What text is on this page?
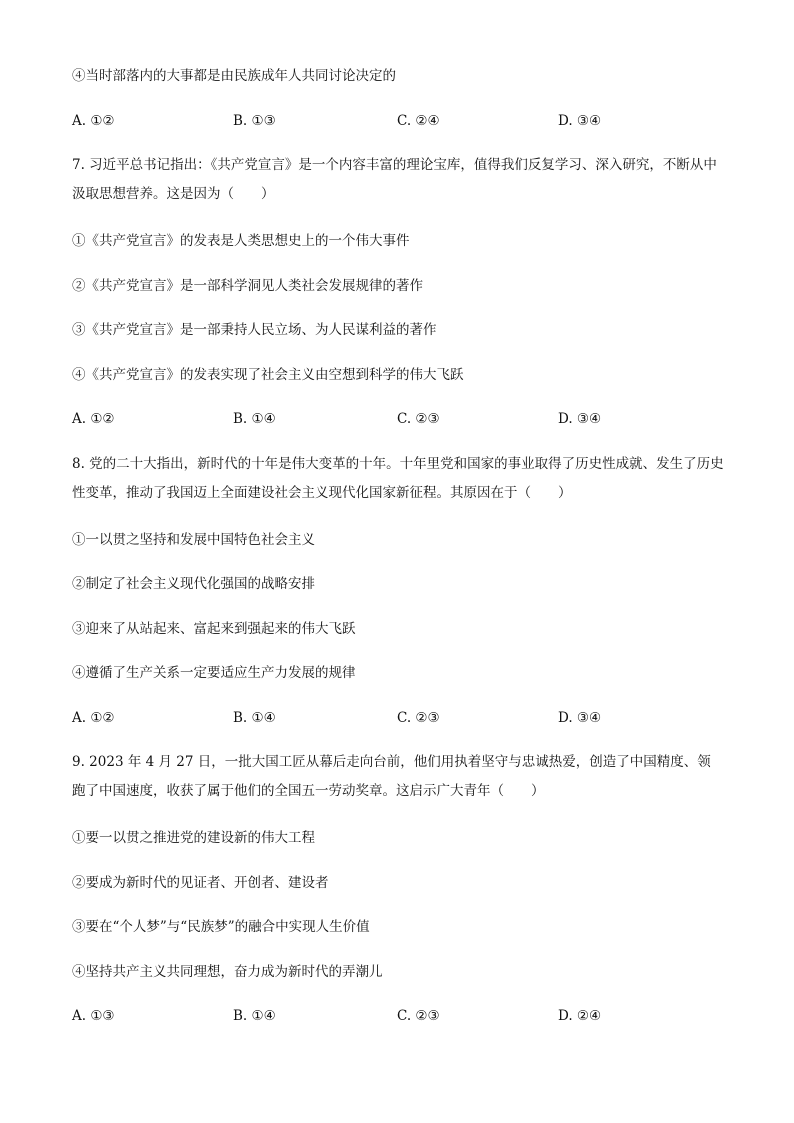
④当时部落内的大事都是由民族成年人共同讨论决定的
A. ①②	B. ①③	C. ②④	D. ③④
7. 习近平总书记指出：《共产党宣言》是一个内容丰富的理论宝库，值得我们反复学习、深入研究，不断从中汲取思想营养。这是因为（　　）
①《共产党宣言》的发表是人类思想史上的一个伟大事件
②《共产党宣言》是一部科学洞见人类社会发展规律的著作
③《共产党宣言》是一部秉持人民立场、为人民谋利益的著作
④《共产党宣言》的发表实现了社会主义由空想到科学的伟大飞跃
A. ①②	B. ①④	C. ②③	D. ③④
8. 党的二十大指出，新时代的十年是伟大变革的十年。十年里党和国家的事业取得了历史性成就、发生了历史性变革，推动了我国迈上全面建设社会主义现代化国家新征程。其原因在于（　　）
①一以贯之坚持和发展中国特色社会主义
②制定了社会主义现代化强国的战略安排
③迎来了从站起来、富起来到强起来的伟大飞跃
④遵循了生产关系一定要适应生产力发展的规律
A. ①②	B. ①④	C. ②③	D. ③④
9. 2023 年 4 月 27 日，一批大国工匠从幕后走向台前，他们用执着坚守与忠诚热爱，创造了中国精度、领跑了中国速度，收获了属于他们的全国五一劳动奖章。这启示广大青年（　　）
①要一以贯之推进党的建设新的伟大工程
②要成为新时代的见证者、开创者、建设者
③要在“个人梦”与“民族梦”的融合中实现人生价值
④坚持共产主义共同理想，奋力成为新时代的弄潮儿
A. ①③	B. ①④	C. ②③	D. ②④
